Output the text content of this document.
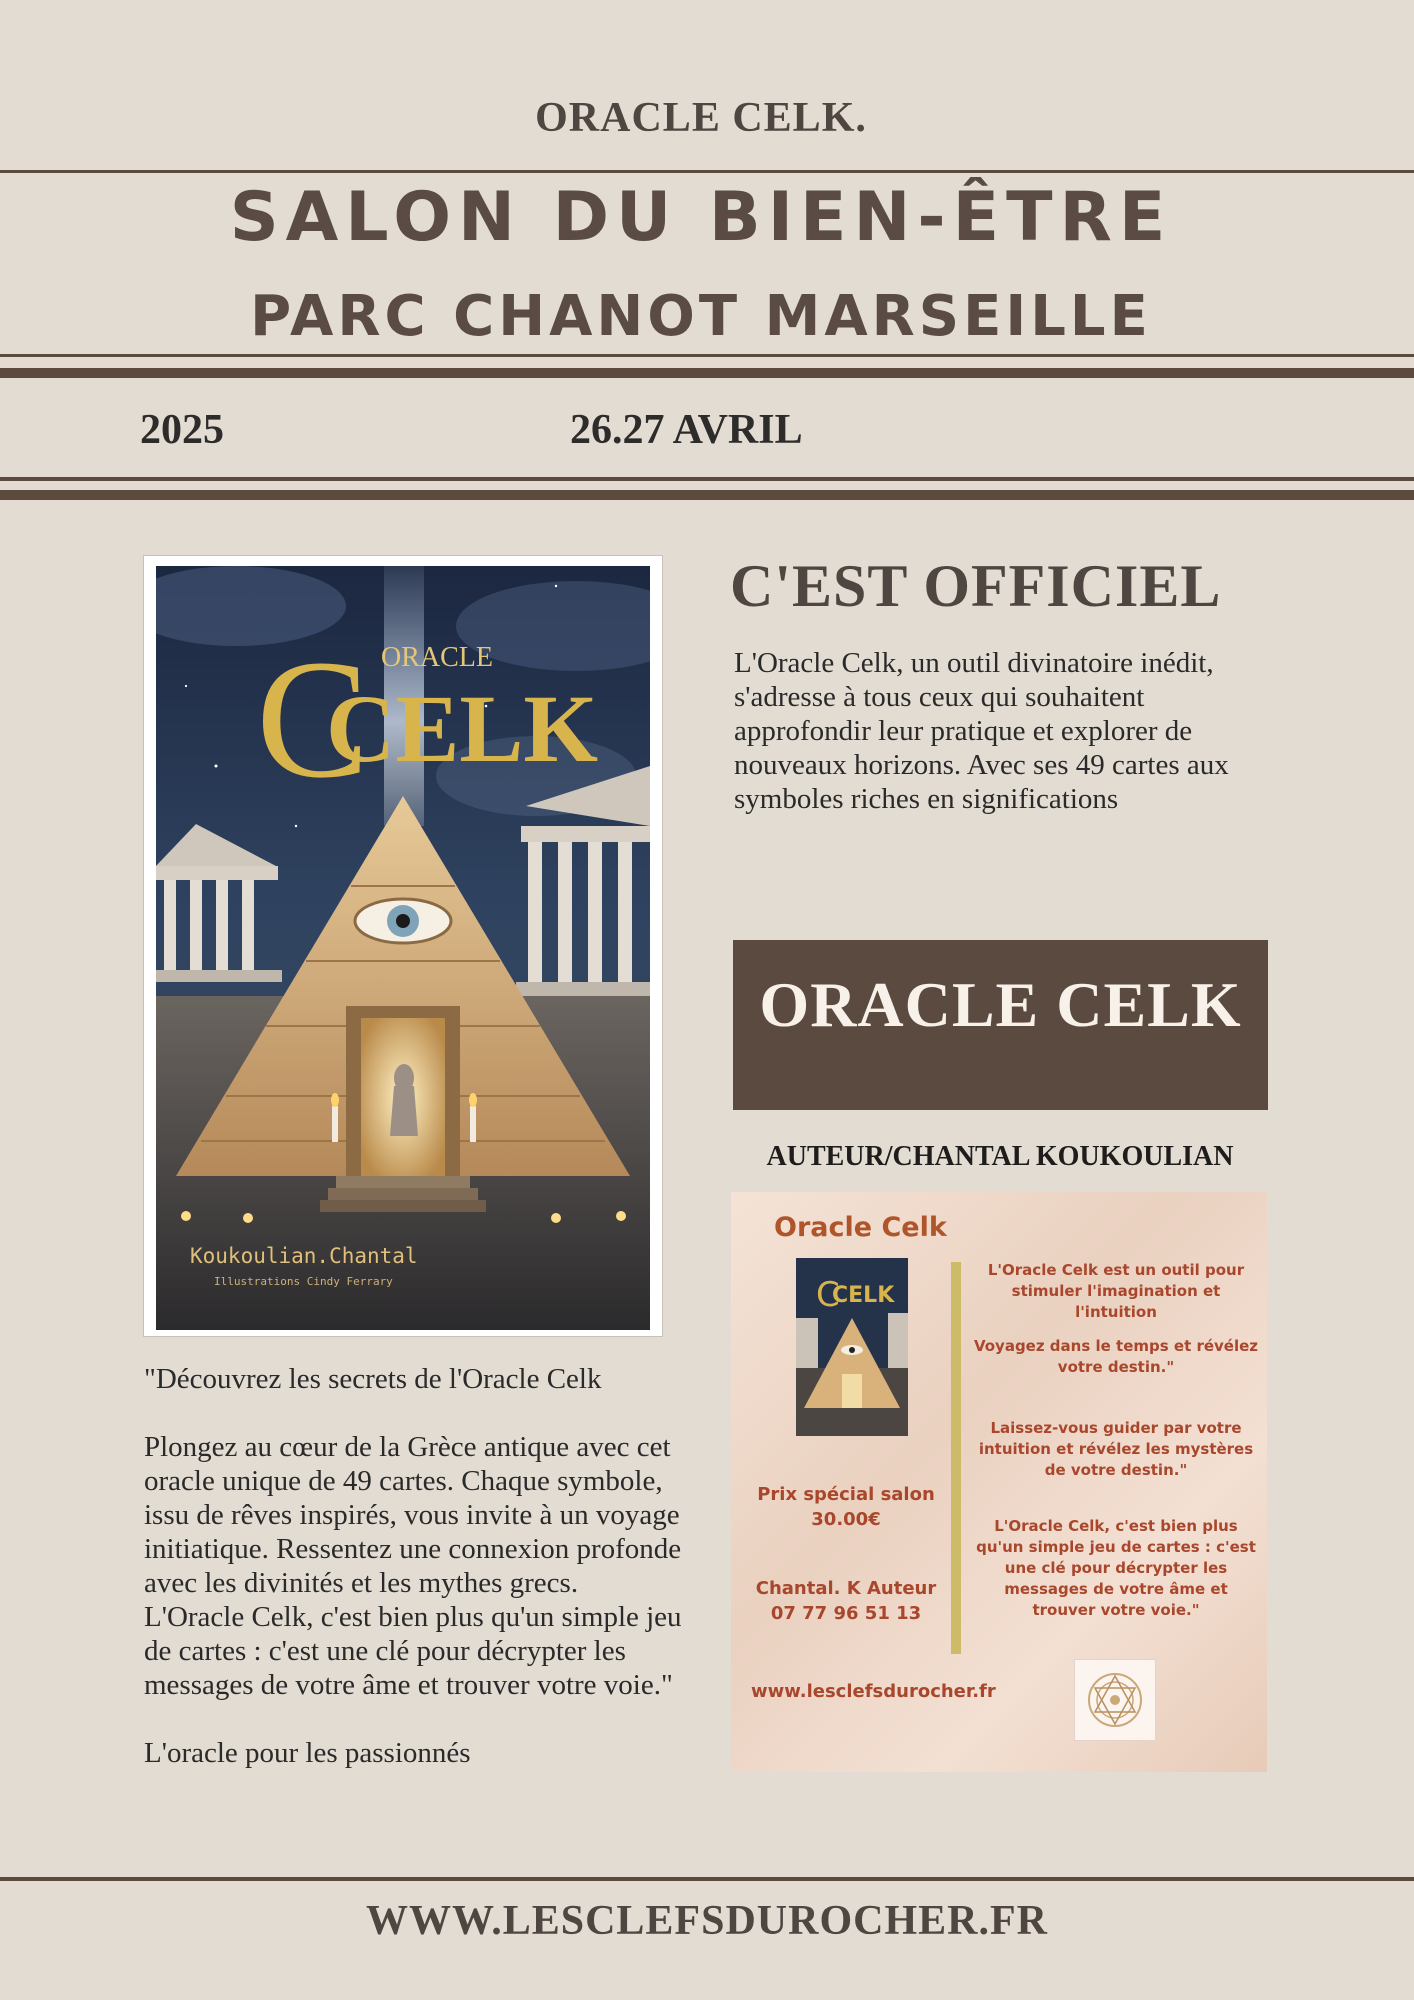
ORACLE CELK.
SALON DU BIEN-ÊTRE
PARC CHANOT MARSEILLE
2025	26.27 AVRIL
C
CELK
ORACLE
Koukoulian.Chantal
Illustrations Cindy Ferrary
C'EST OFFICIEL
L'Oracle Celk, un outil divinatoire inédit, s'adresse à tous ceux qui souhaitent approfondir leur pratique et explorer de nouveaux horizons. Avec ses 49 cartes aux symboles riches en significations
ORACLE CELK
AUTEUR/CHANTAL KOUKOULIAN
Oracle Celk
C
CELK
L'Oracle Celk est un outil pour stimuler l'imagination et l'intuition
Voyagez dans le temps et révélez votre destin."
Laissez-vous guider par votre intuition et révélez les mystères de votre destin."
L'Oracle Celk, c'est bien plus qu'un simple jeu de cartes : c'est une clé pour décrypter les messages de votre âme et trouver votre voie."
Prix spécial salon
30.00€
Chantal. K Auteur
07 77 96 51 13
www.lesclefsdurocher.fr

"Découvrez les secrets de l'Oracle Celk

Plongez au cœur de la Grèce antique avec cet oracle unique de 49 cartes. Chaque symbole, issu de rêves inspirés, vous invite à un voyage initiatique. Ressentez une connexion profonde avec les divinités et les mythes grecs. L'Oracle Celk, c'est bien plus qu'un simple jeu de cartes : c'est une clé pour décrypter les messages de votre âme et trouver votre voie."

L'oracle pour les passionnés

WWW.LESCLEFSDUROCHER.FR
